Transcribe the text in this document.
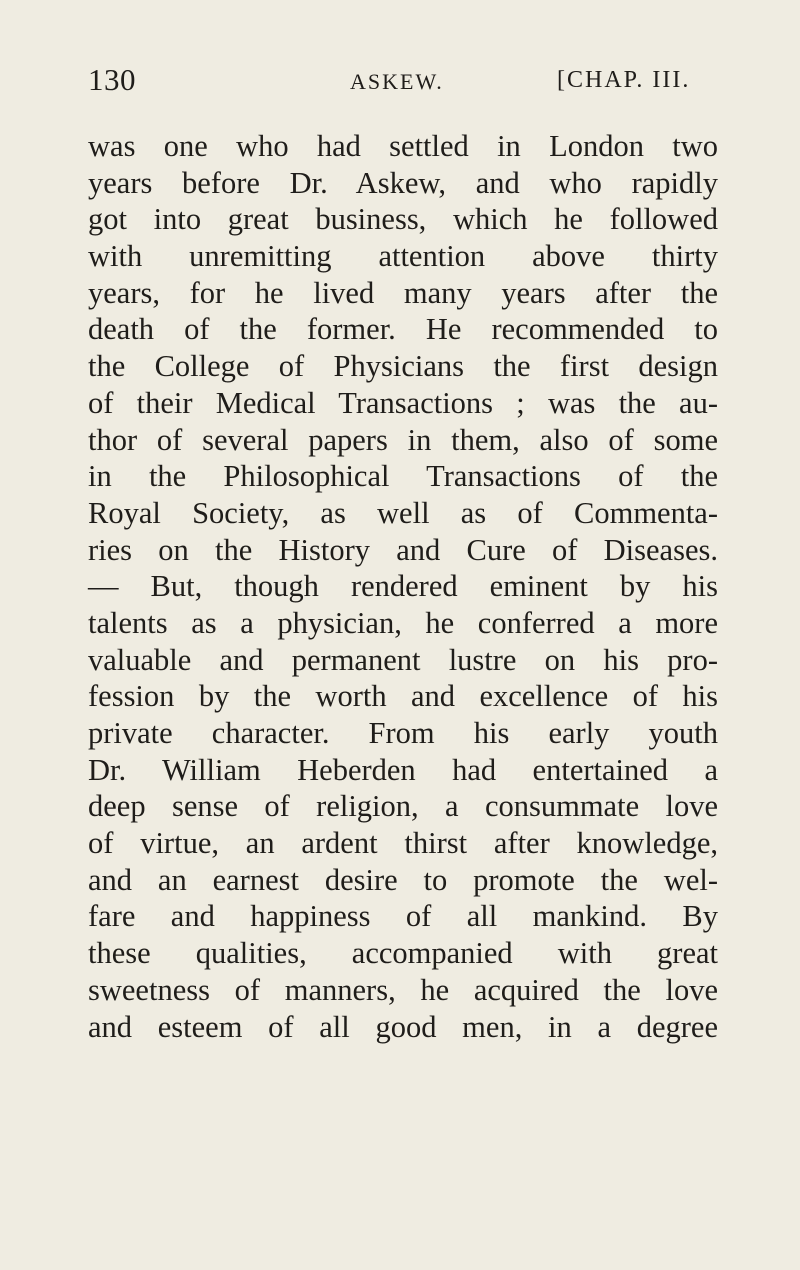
130	ASKEW.	[CHAP. III.
was one who had settled in London two
years before Dr. Askew, and who rapidly
got into great business, which he followed
with unremitting attention above thirty
years, for he lived many years after the
death of the former. He recommended to
the College of Physicians the first design
of their Medical Transactions ; was the au-
thor of several papers in them, also of some
in the Philosophical Transactions of the
Royal Society, as well as of Commenta-
ries on the History and Cure of Diseases.
— But, though rendered eminent by his
talents as a physician, he conferred a more
valuable and permanent lustre on his pro-
fession by the worth and excellence of his
private character. From his early youth
Dr. William Heberden had entertained a
deep sense of religion, a consummate love
of virtue, an ardent thirst after knowledge,
and an earnest desire to promote the wel-
fare and happiness of all mankind. By
these qualities, accompanied with great
sweetness of manners, he acquired the love
and esteem of all good men, in a degree
